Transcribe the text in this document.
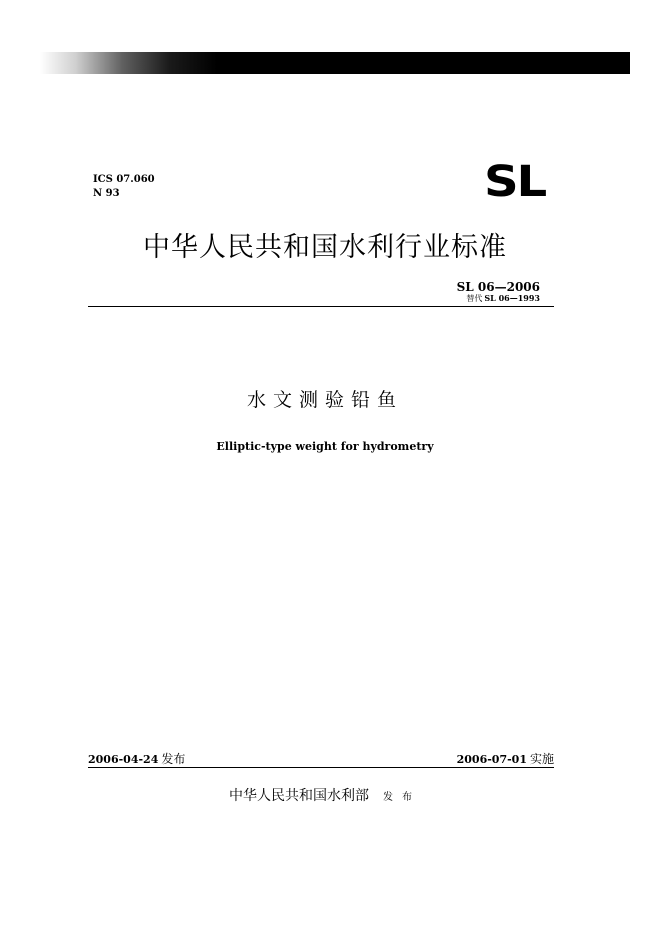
ICS 07.060
N 93	SL
中华人民共和国水利行业标准
SL 06—2006
替代 SL 06—1993
水文测验铅鱼
Elliptic-type weight for hydrometry
2006-04-24 发布	2006-07-01 实施
中华人民共和国水利部 发布
